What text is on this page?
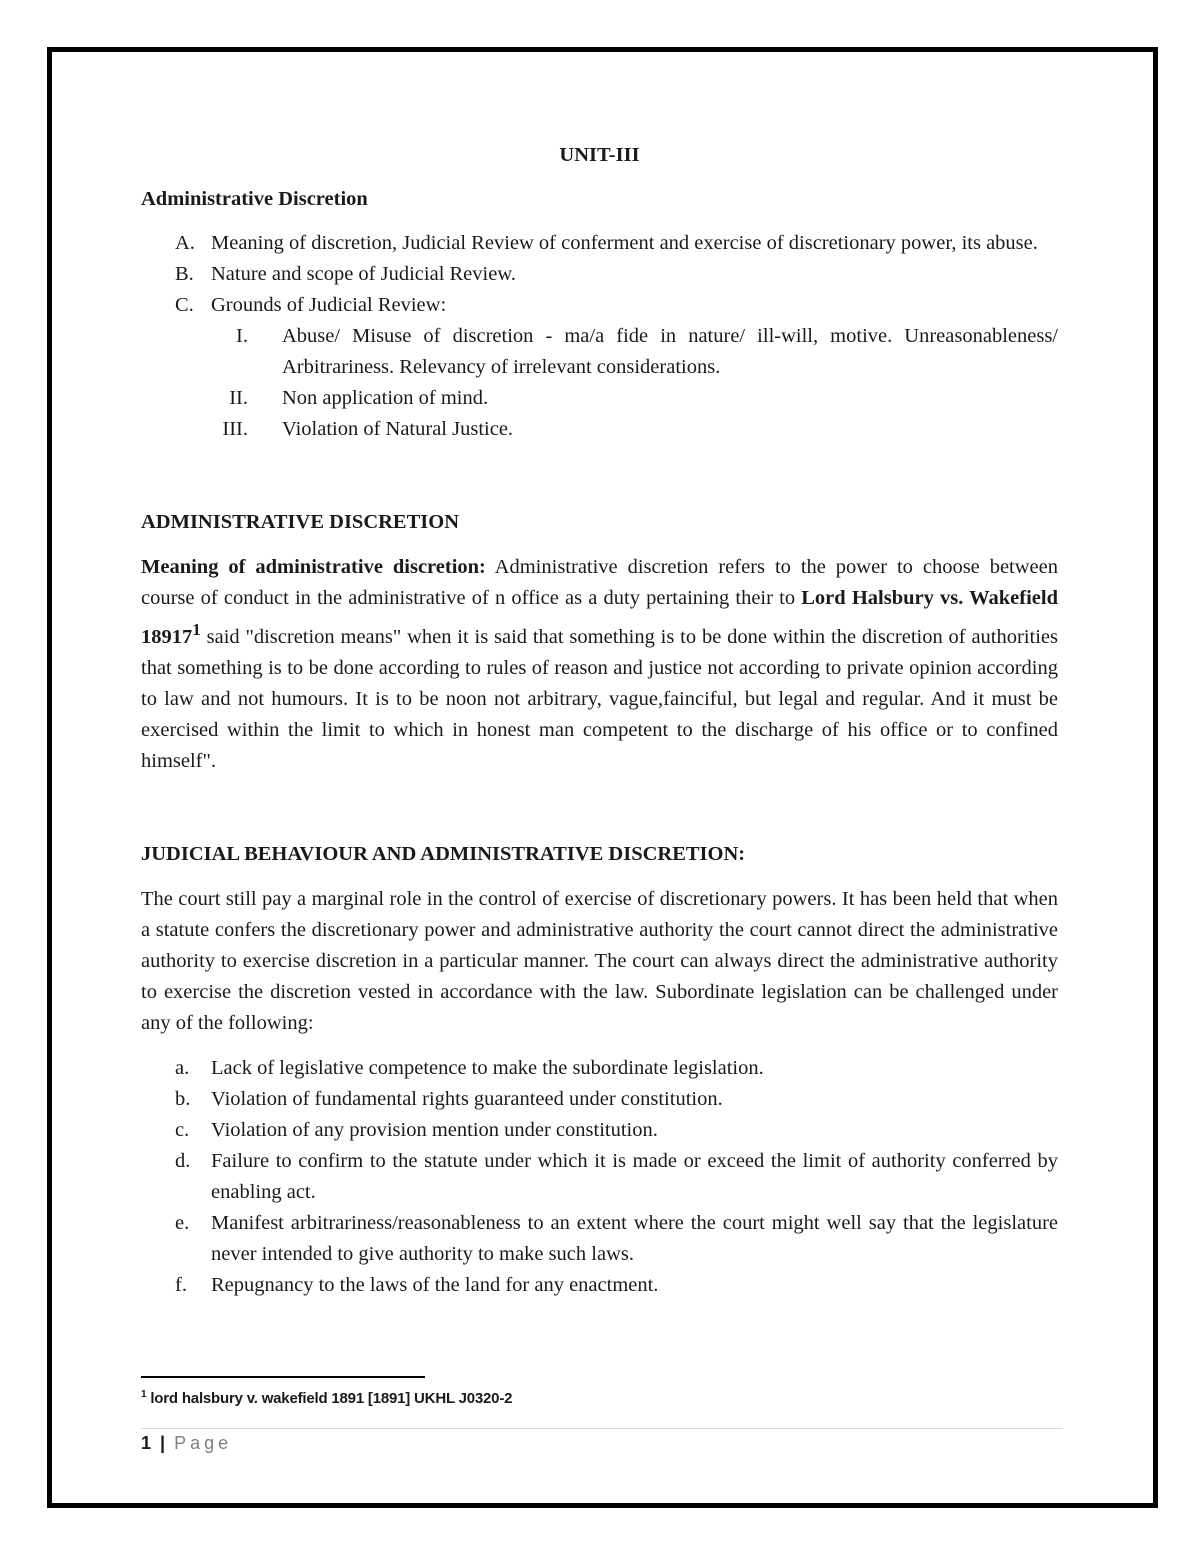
UNIT-III
Administrative Discretion
A. Meaning of discretion, Judicial Review of conferment and exercise of discretionary power, its abuse.
B. Nature and scope of Judicial Review.
C. Grounds of Judicial Review:
I. Abuse/ Misuse of discretion - ma/a fide in nature/ ill-will, motive. Unreasonableness/ Arbitrariness. Relevancy of irrelevant considerations.
II. Non application of mind.
III. Violation of Natural Justice.
ADMINISTRATIVE DISCRETION

Meaning of administrative discretion: Administrative discretion refers to the power to choose between course of conduct in the administrative of n office as a duty pertaining their to Lord Halsbury vs. Wakefield 18917$^1$ said "discretion means" when it is said that something is to be done within the discretion of authorities that something is to be done according to rules of reason and justice not according to private opinion according to law and not humours. It is to be noon not arbitrary, vague,fainciful, but legal and regular. And it must be exercised within the limit to which in honest man competent to the discharge of his office or to confined himself".

JUDICIAL BEHAVIOUR AND ADMINISTRATIVE DISCRETION:

The court still pay a marginal role in the control of exercise of discretionary powers. It has been held that when a statute confers the discretionary power and administrative authority the court cannot direct the administrative authority to exercise discretion in a particular manner. The court can always direct the administrative authority to exercise the discretion vested in accordance with the law. Subordinate legislation can be challenged under any of the following:

a. Lack of legislative competence to make the subordinate legislation.
b. Violation of fundamental rights guaranteed under constitution.
c. Violation of any provision mention under constitution.
d. Failure to confirm to the statute under which it is made or exceed the limit of authority conferred by enabling act.
e. Manifest arbitrariness/reasonableness to an extent where the court might well say that the legislature never intended to give authority to make such laws.
f. Repugnancy to the laws of the land for any enactment.
$^1$ lord halsbury v. wakefield 1891 [1891] UKHL J0320-2
1 | Page
